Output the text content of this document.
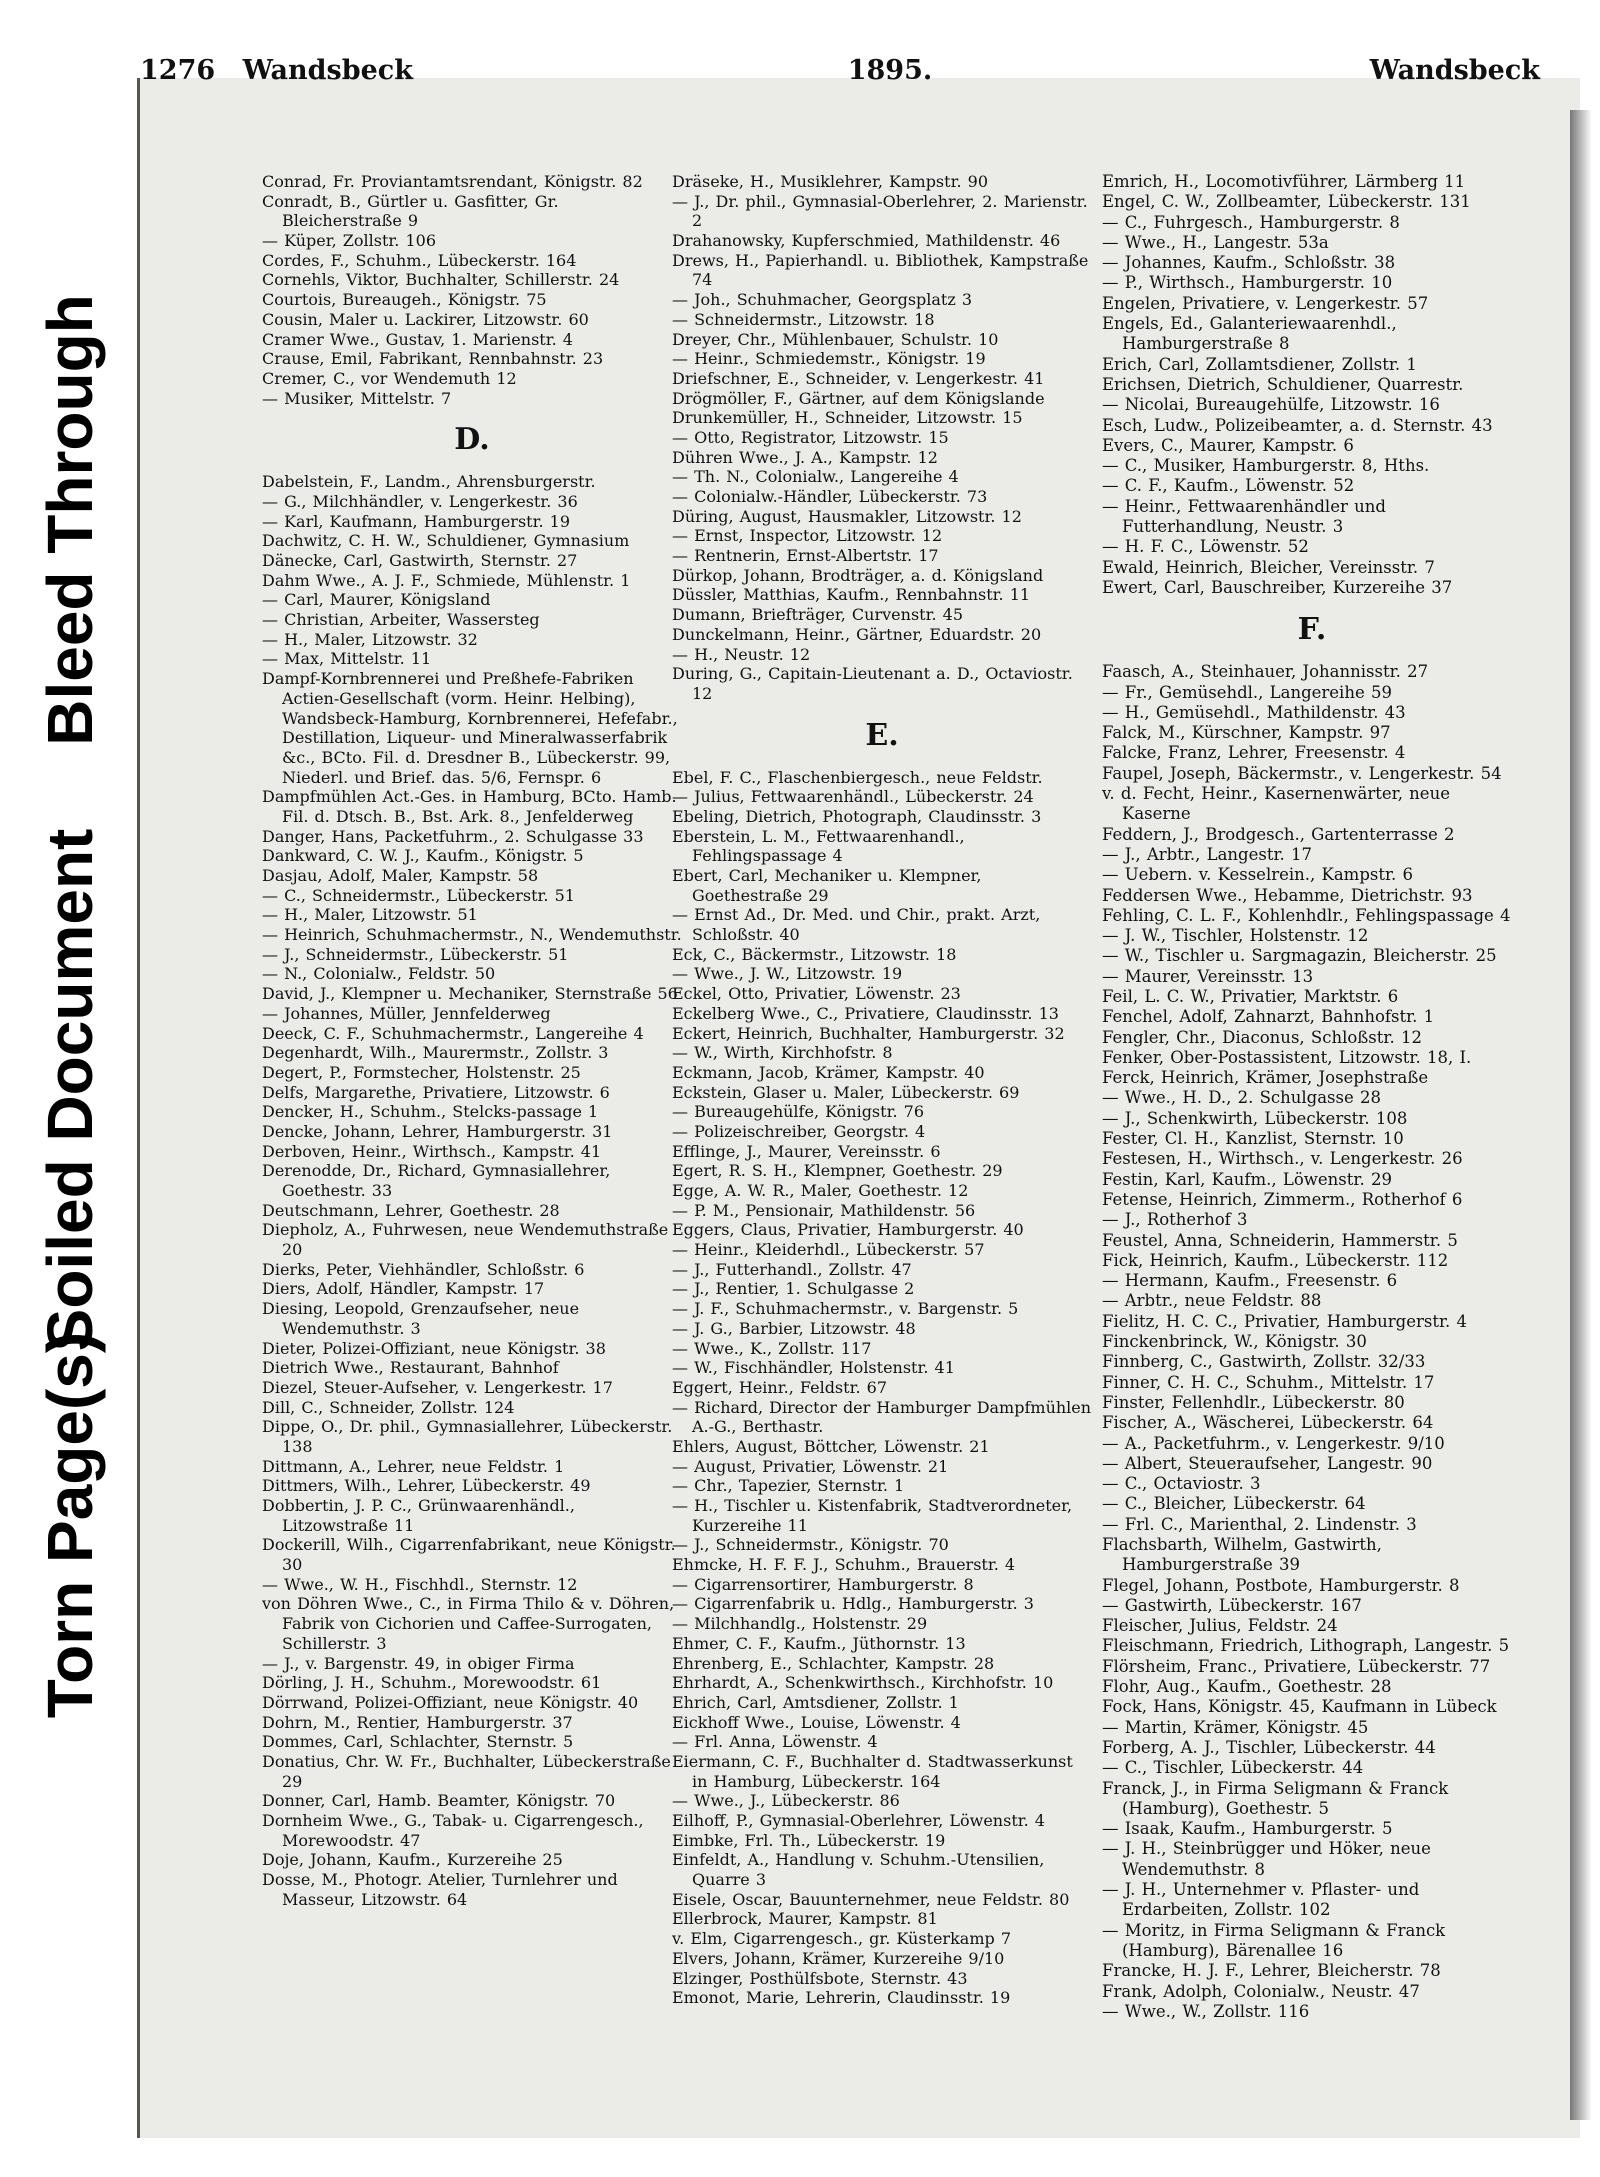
Bleed Through
Soiled Document
Torn Page(s)
1276 Wandsbeck	1895.	Wandsbeck
Conrad, Fr. Proviantamtsrendant, Königstr. 82
Conradt, B., Gürtler u. Gasfitter, Gr. Bleicherstraße 9
— Küper, Zollstr. 106
Cordes, F., Schuhm., Lübeckerstr. 164
Cornehls, Viktor, Buchhalter, Schillerstr. 24
Courtois, Bureaugeh., Königstr. 75
Cousin, Maler u. Lackirer, Litzowstr. 60
Cramer Wwe., Gustav, 1. Marienstr. 4
Crause, Emil, Fabrikant, Rennbahnstr. 23
Cremer, C., vor Wendemuth 12
— Musiker, Mittelstr. 7
D.
Dabelstein, F., Landm., Ahrensburgerstr.
— G., Milchhändler, v. Lengerkestr. 36
— Karl, Kaufmann, Hamburgerstr. 19
Dachwitz, C. H. W., Schuldiener, Gymnasium
Dänecke, Carl, Gastwirth, Sternstr. 27
Dahm Wwe., A. J. F., Schmiede, Mühlenstr. 1
— Carl, Maurer, Königsland
— Christian, Arbeiter, Wassersteg
— H., Maler, Litzowstr. 32
— Max, Mittelstr. 11
Dampf-Kornbrennerei und Preßhefe-Fabriken Actien-Gesellschaft (vorm. Heinr. Helbing), Wandsbeck-Hamburg, Kornbrennerei, Hefefabr., Destillation, Liqueur- und Mineralwasserfabrik &c., BCto. Fil. d. Dresdner B., Lübeckerstr. 99, Niederl. und Brief. das. 5/6, Fernspr. 6
Dampfmühlen Act.-Ges. in Hamburg, BCto. Hamb. Fil. d. Dtsch. B., Bst. Ark. 8., Jenfelderweg
Danger, Hans, Packetfuhrm., 2. Schulgasse 33
Dankward, C. W. J., Kaufm., Königstr. 5
Dasjau, Adolf, Maler, Kampstr. 58
— C., Schneidermstr., Lübeckerstr. 51
— H., Maler, Litzowstr. 51
— Heinrich, Schuhmachermstr., N., Wendemuthstr.
— J., Schneidermstr., Lübeckerstr. 51
— N., Colonialw., Feldstr. 50
David, J., Klempner u. Mechaniker, Sternstraße 56
— Johannes, Müller, Jennfelderweg
Deeck, C. F., Schuhmachermstr., Langereihe 4
Degenhardt, Wilh., Maurermstr., Zollstr. 3
Degert, P., Formstecher, Holstenstr. 25
Delfs, Margarethe, Privatiere, Litzowstr. 6
Dencker, H., Schuhm., Stelcks-passage 1
Dencke, Johann, Lehrer, Hamburgerstr. 31
Derboven, Heinr., Wirthsch., Kampstr. 41
Derenodde, Dr., Richard, Gymnasiallehrer, Goethestr. 33
Deutschmann, Lehrer, Goethestr. 28
Diepholz, A., Fuhrwesen, neue Wendemuthstraße 20
Dierks, Peter, Viehhändler, Schloßstr. 6
Diers, Adolf, Händler, Kampstr. 17
Diesing, Leopold, Grenzaufseher, neue Wendemuthstr. 3
Dieter, Polizei-Offiziant, neue Königstr. 38
Dietrich Wwe., Restaurant, Bahnhof
Diezel, Steuer-Aufseher, v. Lengerkestr. 17
Dill, C., Schneider, Zollstr. 124
Dippe, O., Dr. phil., Gymnasiallehrer, Lübeckerstr. 138
Dittmann, A., Lehrer, neue Feldstr. 1
Dittmers, Wilh., Lehrer, Lübeckerstr. 49
Dobbertin, J. P. C., Grünwaarenhändl., Litzowstraße 11
Dockerill, Wilh., Cigarrenfabrikant, neue Königstr. 30
— Wwe., W. H., Fischhdl., Sternstr. 12
von Döhren Wwe., C., in Firma Thilo & v. Döhren, Fabrik von Cichorien und Caffee-Surrogaten, Schillerstr. 3
— J., v. Bargenstr. 49, in obiger Firma
Dörling, J. H., Schuhm., Morewoodstr. 61
Dörrwand, Polizei-Offiziant, neue Königstr. 40
Dohrn, M., Rentier, Hamburgerstr. 37
Dommes, Carl, Schlachter, Sternstr. 5
Donatius, Chr. W. Fr., Buchhalter, Lübeckerstraße 29
Donner, Carl, Hamb. Beamter, Königstr. 70
Dornheim Wwe., G., Tabak- u. Cigarrengesch., Morewoodstr. 47
Doje, Johann, Kaufm., Kurzereihe 25
Dosse, M., Photogr. Atelier, Turnlehrer und Masseur, Litzowstr. 64
Dräseke, H., Musiklehrer, Kampstr. 90
— J., Dr. phil., Gymnasial-Oberlehrer, 2. Marienstr. 2
Drahanowsky, Kupferschmied, Mathildenstr. 46
Drews, H., Papierhandl. u. Bibliothek, Kampstraße 74
— Joh., Schuhmacher, Georgsplatz 3
— Schneidermstr., Litzowstr. 18
Dreyer, Chr., Mühlenbauer, Schulstr. 10
— Heinr., Schmiedemstr., Königstr. 19
Driefschner, E., Schneider, v. Lengerkestr. 41
Drögmöller, F., Gärtner, auf dem Königslande
Drunkemüller, H., Schneider, Litzowstr. 15
— Otto, Registrator, Litzowstr. 15
Dühren Wwe., J. A., Kampstr. 12
— Th. N., Colonialw., Langereihe 4
— Colonialw.-Händler, Lübeckerstr. 73
Düring, August, Hausmakler, Litzowstr. 12
— Ernst, Inspector, Litzowstr. 12
— Rentnerin, Ernst-Albertstr. 17
Dürkop, Johann, Brodträger, a. d. Königsland
Düssler, Matthias, Kaufm., Rennbahnstr. 11
Dumann, Briefträger, Curvenstr. 45
Dunckelmann, Heinr., Gärtner, Eduardstr. 20
— H., Neustr. 12
During, G., Capitain-Lieutenant a. D., Octaviostr. 12
E.
Ebel, F. C., Flaschenbiergesch., neue Feldstr.
— Julius, Fettwaarenhändl., Lübeckerstr. 24
Ebeling, Dietrich, Photograph, Claudinsstr. 3
Eberstein, L. M., Fettwaarenhandl., Fehlingspassage 4
Ebert, Carl, Mechaniker u. Klempner, Goethestraße 29
— Ernst Ad., Dr. Med. und Chir., prakt. Arzt, Schloßstr. 40
Eck, C., Bäckermstr., Litzowstr. 18
— Wwe., J. W., Litzowstr. 19
Eckel, Otto, Privatier, Löwenstr. 23
Eckelberg Wwe., C., Privatiere, Claudinsstr. 13
Eckert, Heinrich, Buchhalter, Hamburgerstr. 32
— W., Wirth, Kirchhofstr. 8
Eckmann, Jacob, Krämer, Kampstr. 40
Eckstein, Glaser u. Maler, Lübeckerstr. 69
— Bureaugehülfe, Königstr. 76
— Polizeischreiber, Georgstr. 4
Efflinge, J., Maurer, Vereinsstr. 6
Egert, R. S. H., Klempner, Goethestr. 29
Egge, A. W. R., Maler, Goethestr. 12
— P. M., Pensionair, Mathildenstr. 56
Eggers, Claus, Privatier, Hamburgerstr. 40
— Heinr., Kleiderhdl., Lübeckerstr. 57
— J., Futterhandl., Zollstr. 47
— J., Rentier, 1. Schulgasse 2
— J. F., Schuhmachermstr., v. Bargenstr. 5
— J. G., Barbier, Litzowstr. 48
— Wwe., K., Zollstr. 117
— W., Fischhändler, Holstenstr. 41
Eggert, Heinr., Feldstr. 67
— Richard, Director der Hamburger Dampfmühlen A.-G., Berthastr.
Ehlers, August, Böttcher, Löwenstr. 21
— August, Privatier, Löwenstr. 21
— Chr., Tapezier, Sternstr. 1
— H., Tischler u. Kistenfabrik, Stadtverordneter, Kurzereihe 11
— J., Schneidermstr., Königstr. 70
Ehmcke, H. F. F. J., Schuhm., Brauerstr. 4
— Cigarrensortirer, Hamburgerstr. 8
— Cigarrenfabrik u. Hdlg., Hamburgerstr. 3
— Milchhandlg., Holstenstr. 29
Ehmer, C. F., Kaufm., Jüthornstr. 13
Ehrenberg, E., Schlachter, Kampstr. 28
Ehrhardt, A., Schenkwirthsch., Kirchhofstr. 10
Ehrich, Carl, Amtsdiener, Zollstr. 1
Eickhoff Wwe., Louise, Löwenstr. 4
— Frl. Anna, Löwenstr. 4
Eiermann, C. F., Buchhalter d. Stadtwasserkunst in Hamburg, Lübeckerstr. 164
— Wwe., J., Lübeckerstr. 86
Eilhoff, P., Gymnasial-Oberlehrer, Löwenstr. 4
Eimbke, Frl. Th., Lübeckerstr. 19
Einfeldt, A., Handlung v. Schuhm.-Utensilien, Quarre 3
Eisele, Oscar, Bauunternehmer, neue Feldstr. 80
Ellerbrock, Maurer, Kampstr. 81
v. Elm, Cigarrengesch., gr. Küsterkamp 7
Elvers, Johann, Krämer, Kurzereihe 9/10
Elzinger, Posthülfsbote, Sternstr. 43
Emonot, Marie, Lehrerin, Claudinsstr. 19
Emrich, H., Locomotivführer, Lärmberg 11
Engel, C. W., Zollbeamter, Lübeckerstr. 131
— C., Fuhrgesch., Hamburgerstr. 8
— Wwe., H., Langestr. 53a
— Johannes, Kaufm., Schloßstr. 38
— P., Wirthsch., Hamburgerstr. 10
Engelen, Privatiere, v. Lengerkestr. 57
Engels, Ed., Galanteriewaarenhdl., Hamburgerstraße 8
Erich, Carl, Zollamtsdiener, Zollstr. 1
Erichsen, Dietrich, Schuldiener, Quarrestr.
— Nicolai, Bureaugehülfe, Litzowstr. 16
Esch, Ludw., Polizeibeamter, a. d. Sternstr. 43
Evers, C., Maurer, Kampstr. 6
— C., Musiker, Hamburgerstr. 8, Hths.
— C. F., Kaufm., Löwenstr. 52
— Heinr., Fettwaarenhändler und Futterhandlung, Neustr. 3
— H. F. C., Löwenstr. 52
Ewald, Heinrich, Bleicher, Vereinsstr. 7
Ewert, Carl, Bauschreiber, Kurzereihe 37
F.
Faasch, A., Steinhauer, Johannisstr. 27
— Fr., Gemüsehdl., Langereihe 59
— H., Gemüsehdl., Mathildenstr. 43
Falck, M., Kürschner, Kampstr. 97
Falcke, Franz, Lehrer, Freesenstr. 4
Faupel, Joseph, Bäckermstr., v. Lengerkestr. 54
v. d. Fecht, Heinr., Kasernenwärter, neue Kaserne
Feddern, J., Brodgesch., Gartenterrasse 2
— J., Arbtr., Langestr. 17
— Uebern. v. Kesselrein., Kampstr. 6
Feddersen Wwe., Hebamme, Dietrichstr. 93
Fehling, C. L. F., Kohlenhdlr., Fehlingspassage 4
— J. W., Tischler, Holstenstr. 12
— W., Tischler u. Sargmagazin, Bleicherstr. 25
— Maurer, Vereinsstr. 13
Feil, L. C. W., Privatier, Marktstr. 6
Fenchel, Adolf, Zahnarzt, Bahnhofstr. 1
Fengler, Chr., Diaconus, Schloßstr. 12
Fenker, Ober-Postassistent, Litzowstr. 18, I.
Ferck, Heinrich, Krämer, Josephstraße
— Wwe., H. D., 2. Schulgasse 28
— J., Schenkwirth, Lübeckerstr. 108
Fester, Cl. H., Kanzlist, Sternstr. 10
Festesen, H., Wirthsch., v. Lengerkestr. 26
Festin, Karl, Kaufm., Löwenstr. 29
Fetense, Heinrich, Zimmerm., Rotherhof 6
— J., Rotherhof 3
Feustel, Anna, Schneiderin, Hammerstr. 5
Fick, Heinrich, Kaufm., Lübeckerstr. 112
— Hermann, Kaufm., Freesenstr. 6
— Arbtr., neue Feldstr. 88
Fielitz, H. C. C., Privatier, Hamburgerstr. 4
Finckenbrinck, W., Königstr. 30
Finnberg, C., Gastwirth, Zollstr. 32/33
Finner, C. H. C., Schuhm., Mittelstr. 17
Finster, Fellenhdlr., Lübeckerstr. 80
Fischer, A., Wäscherei, Lübeckerstr. 64
— A., Packetfuhrm., v. Lengerkestr. 9/10
— Albert, Steueraufseher, Langestr. 90
— C., Octaviostr. 3
— C., Bleicher, Lübeckerstr. 64
— Frl. C., Marienthal, 2. Lindenstr. 3
Flachsbarth, Wilhelm, Gastwirth, Hamburgerstraße 39
Flegel, Johann, Postbote, Hamburgerstr. 8
— Gastwirth, Lübeckerstr. 167
Fleischer, Julius, Feldstr. 24
Fleischmann, Friedrich, Lithograph, Langestr. 5
Flörsheim, Franc., Privatiere, Lübeckerstr. 77
Flohr, Aug., Kaufm., Goethestr. 28
Fock, Hans, Königstr. 45, Kaufmann in Lübeck
— Martin, Krämer, Königstr. 45
Forberg, A. J., Tischler, Lübeckerstr. 44
— C., Tischler, Lübeckerstr. 44
Franck, J., in Firma Seligmann & Franck (Hamburg), Goethestr. 5
— Isaak, Kaufm., Hamburgerstr. 5
— J. H., Steinbrügger und Höker, neue Wendemuthstr. 8
— J. H., Unternehmer v. Pflaster- und Erdarbeiten, Zollstr. 102
— Moritz, in Firma Seligmann & Franck (Hamburg), Bärenallee 16
Francke, H. J. F., Lehrer, Bleicherstr. 78
Frank, Adolph, Colonialw., Neustr. 47
— Wwe., W., Zollstr. 116
